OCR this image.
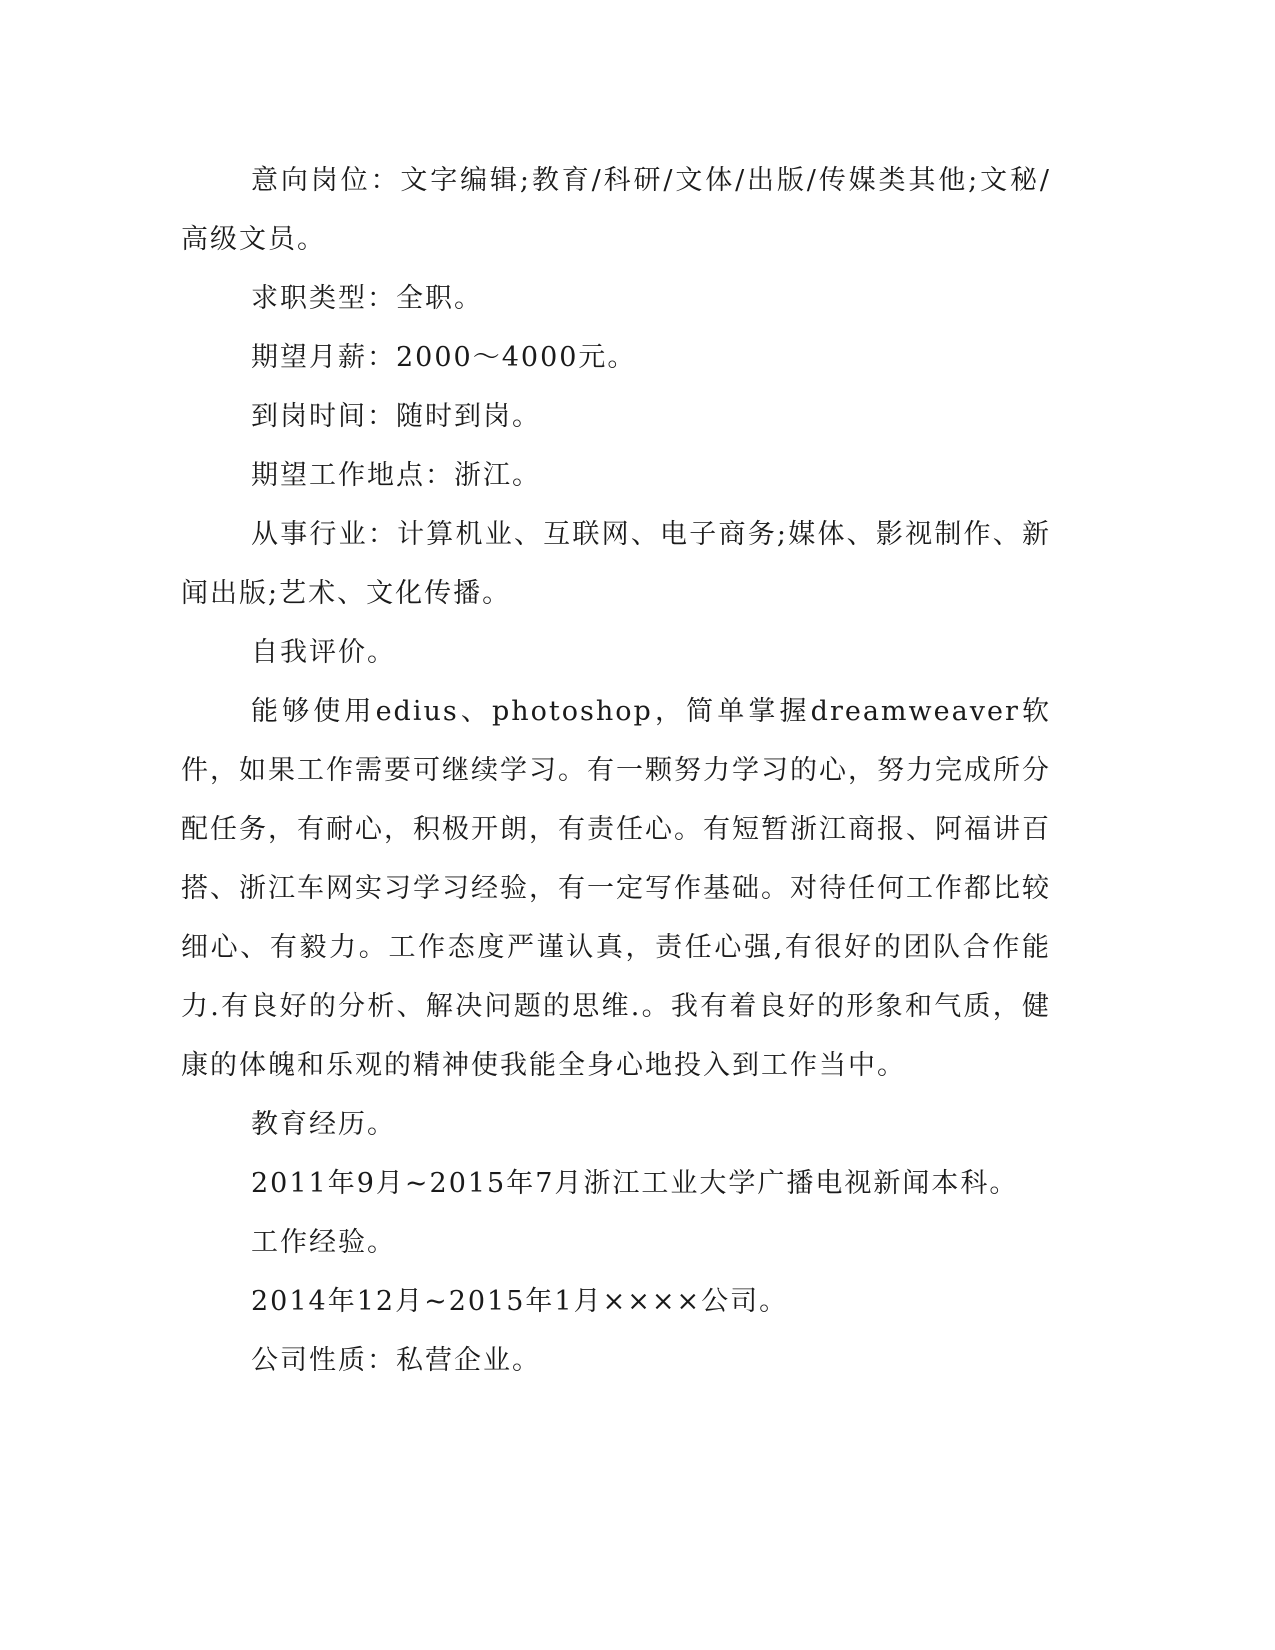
意向岗位：文字编辑;教育/科研/文体/出版/传媒类其他;文秘/高级文员。

求职类型：全职。

期望月薪：2000～4000元。

到岗时间：随时到岗。

期望工作地点：浙江。

从事行业：计算机业、互联网、电子商务;媒体、影视制作、新闻出版;艺术、文化传播。

自我评价。

能够使用edius、photoshop，简单掌握dreamweaver软件，如果工作需要可继续学习。有一颗努力学习的心，努力完成所分配任务，有耐心，积极开朗，有责任心。有短暂浙江商报、阿福讲百搭、浙江车网实习学习经验，有一定写作基础。对待任何工作都比较细心、有毅力。工作态度严谨认真，责任心强,有很好的团队合作能力.有良好的分析、解决问题的思维.。我有着良好的形象和气质，健康的体魄和乐观的精神使我能全身心地投入到工作当中。

教育经历。

2011年9月~2015年7月浙江工业大学广播电视新闻本科。

工作经验。

2014年12月~2015年1月××××公司。

公司性质：私营企业。
